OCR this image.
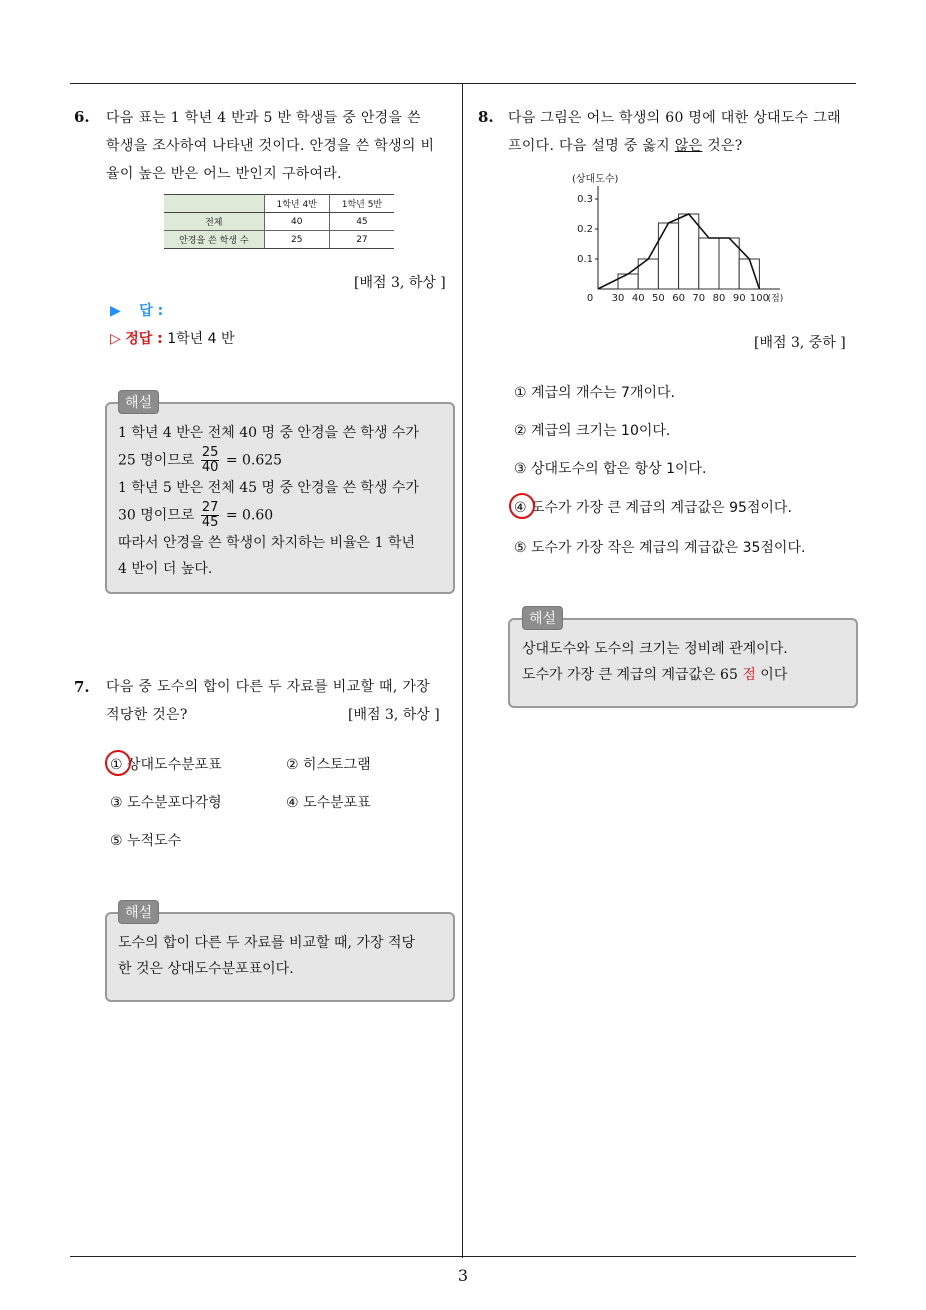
3
6. 다음 표는 1 학년 4 반과 5 반 학생들 중 안경을 쓴
학생을 조사하여 나타낸 것이다. 안경을 쓴 학생의 비
율이 높은 반은 어느 반인지 구하여라.
	1학년 4반	1학년 5반
전체	40	45
안경을 쓴 학생 수	25	27
[배점 3, 하상 ]
▶ 답 :
▷ 정답 : 1학년 4 반
해설
1 학년 4 반은 전체 40 명 중 안경을 쓴 학생 수가
25 명이므로 $\frac{25}{40} = 0.625$
1 학년 5 반은 전체 45 명 중 안경을 쓴 학생 수가
30 명이므로 $\frac{27}{45} = 0.60$
따라서 안경을 쓴 학생이 차지하는 비율은 1 학년
4 반이 더 높다.
7. 다음 중 도수의 합이 다른 두 자료를 비교할 때, 가장
적당한 것은?	[배점 3, 하상 ]
① 상대도수분포표	② 히스토그램
③ 도수분포다각형	④ 도수분포표
⑤ 누적도수
해설
도수의 합이 다른 두 자료를 비교할 때, 가장 적당
한 것은 상대도수분포표이다.
8. 다음 그림은 어느 학생의 60 명에 대한 상대도수 그래
프이다. 다음 설명 중 옳지 않은 것은?
0.1
0.2
0.3
(상대도수)
0 30 40 50 60 70 80 90 100
(점)
[배점 3, 중하 ]
① 계급의 개수는 7개이다.
② 계급의 크기는 10이다.
③ 상대도수의 합은 항상 1이다.
④ 도수가 가장 큰 계급의 계급값은 95점이다.
⑤ 도수가 가장 작은 계급의 계급값은 35점이다.
해설
상대도수와 도수의 크기는 정비례 관계이다.
도수가 가장 큰 계급의 계급값은 65 점 이다
